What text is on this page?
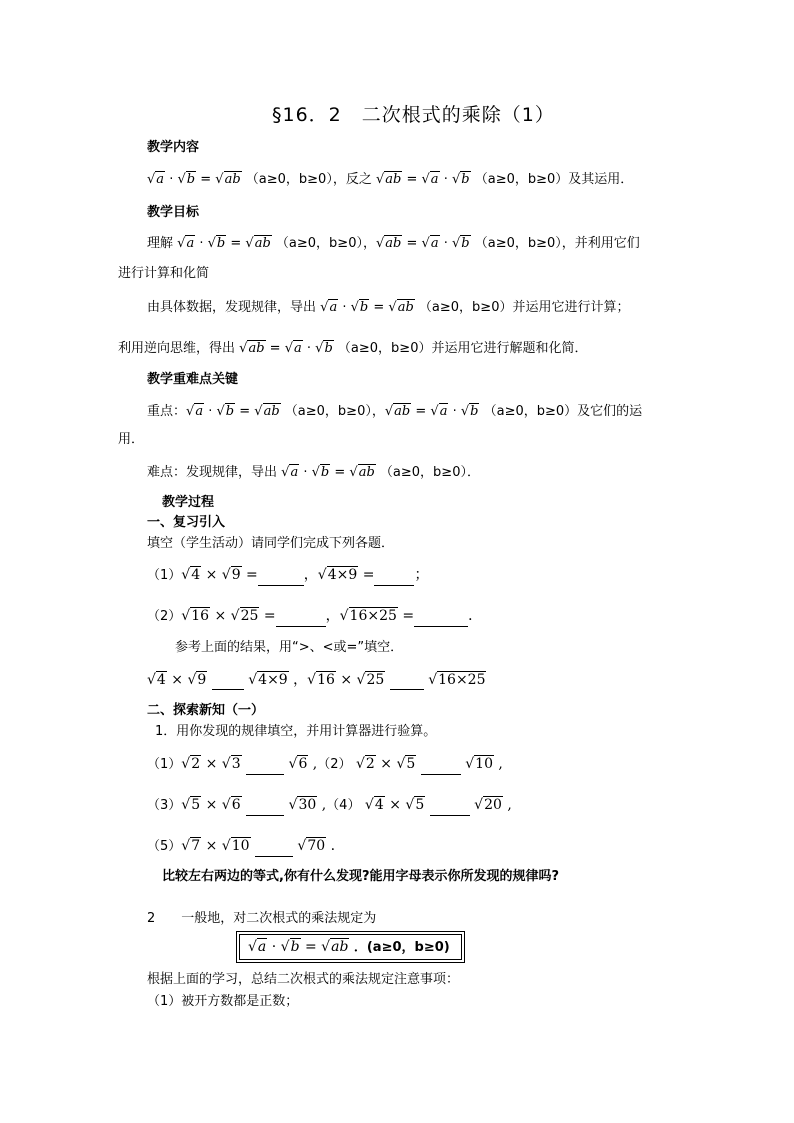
§16．2　二次根式的乘除（1）
教学内容
√a · √b = √ab （a≥0，b≥0），反之 √ab = √a · √b （a≥0，b≥0）及其运用．
教学目标
理解 √a · √b = √ab （a≥0，b≥0），√ab = √a · √b （a≥0，b≥0），并利用它们
进行计算和化简
由具体数据，发现规律，导出 √a · √b = √ab （a≥0，b≥0）并运用它进行计算；
利用逆向思维，得出 √ab = √a · √b （a≥0，b≥0）并运用它进行解题和化简．
教学重难点关键
重点：√a · √b = √ab （a≥0，b≥0），√ab = √a · √b （a≥0，b≥0）及它们的运
用．
难点：发现规律，导出 √a · √b = √ab （a≥0，b≥0）．
教学过程
一、复习引入
填空（学生活动）请同学们完成下列各题．
（1）√4 × √9 =	，√4×9 =	；
（2）√16 × √25 =	，√16×25 =	．
参考上面的结果，用“>、<或=”填空．
√4 × √9	√4×9 ，√16 × √25	√16×25
二、探索新知（一）
1．用你发现的规律填空，并用计算器进行验算。
（1）√2 × √3	√6 ,（2） √2 × √5	√10 ,
（3）√5 × √6	√30 ,（4） √4 × √5	√20 ,
（5）√7 × √10	√70 .
比较左右两边的等式,你有什么发现?能用字母表示你所发现的规律吗?
2　　一般地，对二次根式的乘法规定为
√a · √b = √ab ．(a≥0，b≥0)
根据上面的学习，总结二次根式的乘法规定注意事项：
（1）被开方数都是正数；
